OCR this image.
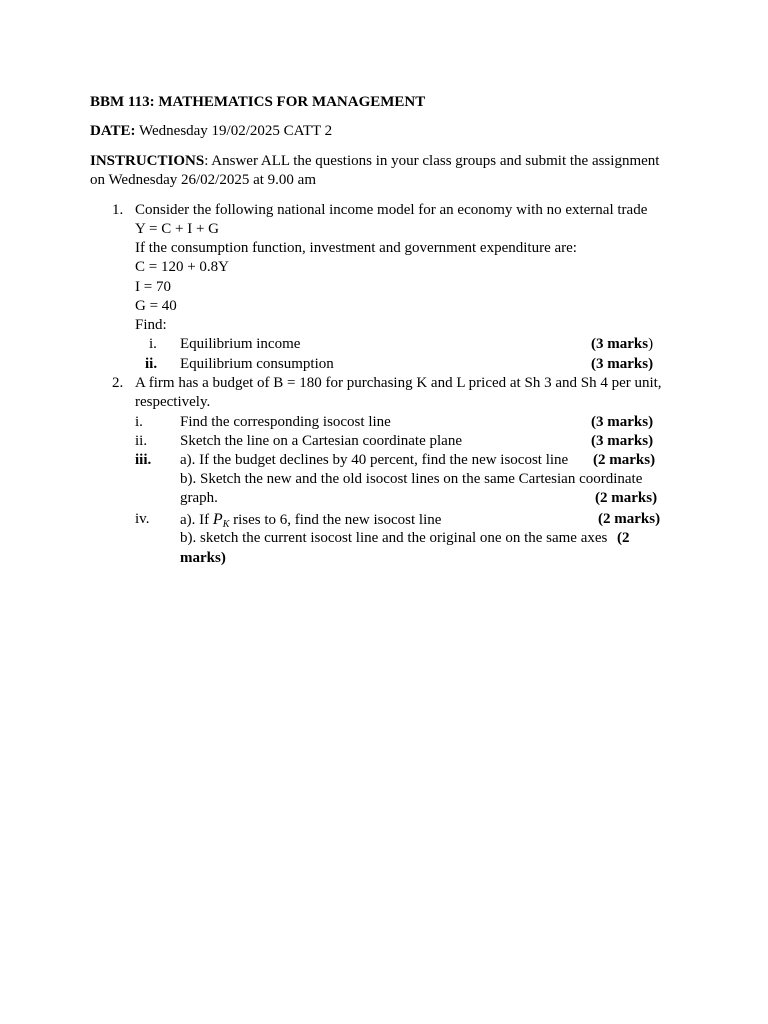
BBM 113: MATHEMATICS FOR MANAGEMENT
DATE: Wednesday 19/02/2025 CATT 2
INSTRUCTIONS: Answer ALL the questions in your class groups and submit the assignment
on Wednesday 26/02/2025 at 9.00 am
1. Consider the following national income model for an economy with no external trade
Y = C + I + G
If the consumption function, investment and government expenditure are:
C = 120 + 0.8Y
I = 70
G = 40
Find:
i. Equilibrium income	(3 marks)
ii. Equilibrium consumption	(3 marks)
2. A firm has a budget of B = 180 for purchasing K and L priced at Sh 3 and Sh 4 per unit,
respectively.
i. Find the corresponding isocost line	(3 marks)
ii. Sketch the line on a Cartesian coordinate plane	(3 marks)
iii. a). If the budget declines by 40 percent, find the new isocost line (2 marks)
b). Sketch the new and the old isocost lines on the same Cartesian coordinate
graph.	(2 marks)
iv. a). If $P_K$ rises to 6, find the new isocost line	(2 marks)
b). sketch the current isocost line and the original one on the same axes (2
marks)
